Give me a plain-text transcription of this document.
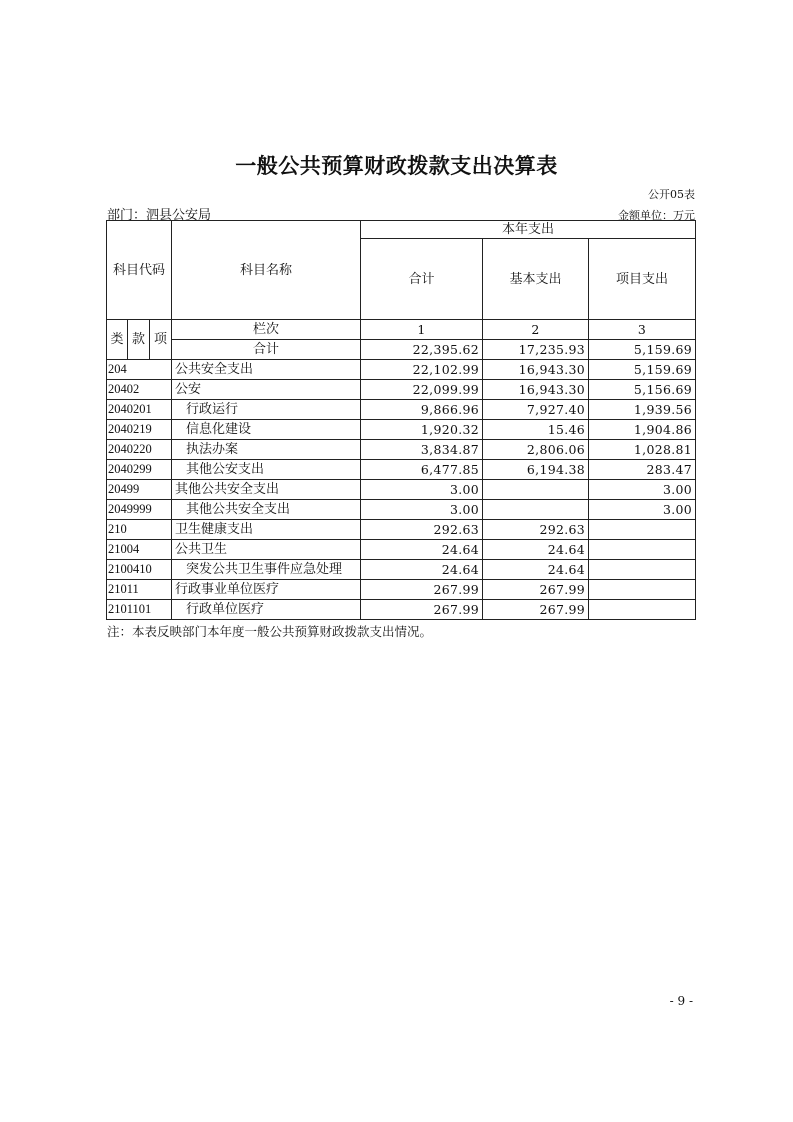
一般公共预算财政拨款支出决算表
公开05表
部门：泗县公安局	金额单位：万元
科目代码			科目名称	本年支出		
				合计	基本支出	项目支出
类	款	项	栏次	1	2	3
			合计	22,395.62	17,235.93	5,159.69
204			公共安全支出	22,102.99	16,943.30	5,159.69
20402			公安	22,099.99	16,943.30	5,156.69
2040201			行政运行	9,866.96	7,927.40	1,939.56
2040219			信息化建设	1,920.32	15.46	1,904.86
2040220			执法办案	3,834.87	2,806.06	1,028.81
2040299			其他公安支出	6,477.85	6,194.38	283.47
20499			其他公共安全支出	3.00		3.00
2049999			其他公共安全支出	3.00		3.00
210			卫生健康支出	292.63	292.63	
21004			公共卫生	24.64	24.64	
2100410			突发公共卫生事件应急处理	24.64	24.64	
21011			行政事业单位医疗	267.99	267.99	
2101101			行政单位医疗	267.99	267.99	
注：本表反映部门本年度一般公共预算财政拨款支出情况。
- 9 -
